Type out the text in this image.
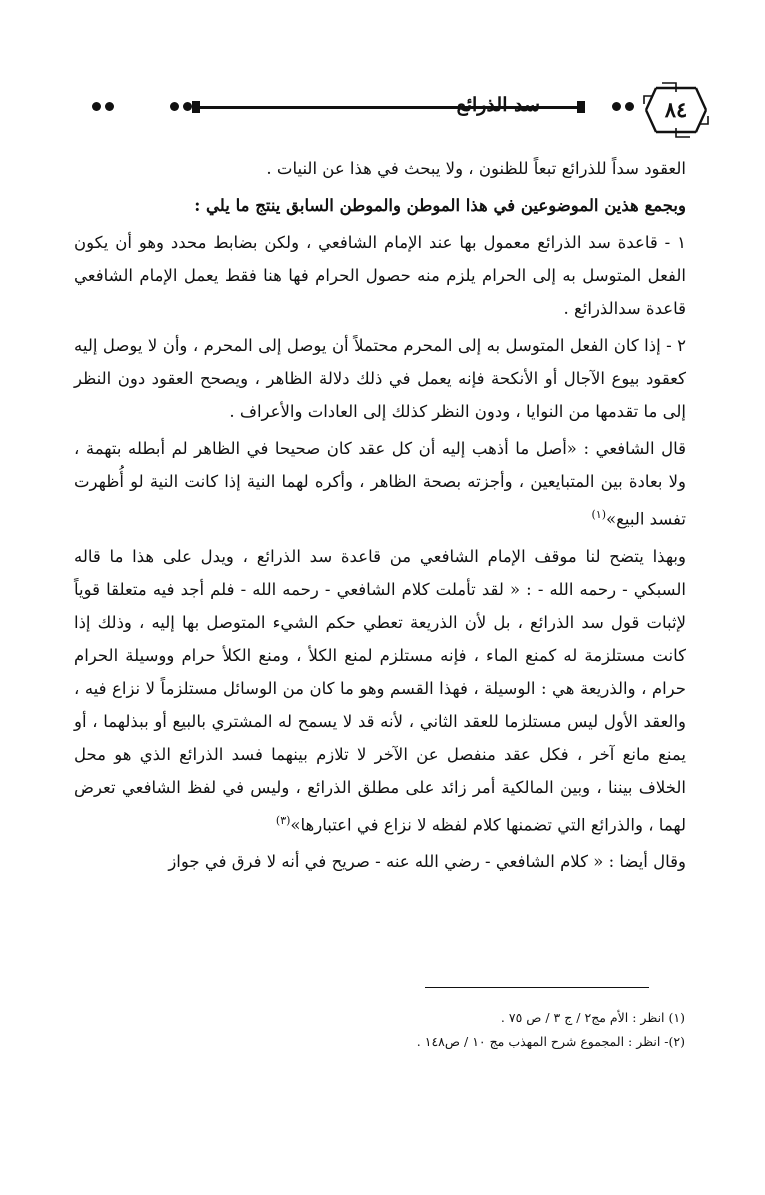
سد الذرائع	٨٤

العقود سداً للذرائع تبعاً للظنون ، ولا يبحث في هذا عن النيات .

وبجمع هذين الموضوعين في هذا الموطن والموطن السابق ينتج ما يلي :

١ - قاعدة سد الذرائع معمول بها عند الإمام الشافعي ، ولكن بضابط محدد وهو أن يكون الفعل المتوسل به إلى الحرام يلزم منه حصول الحرام فها هنا فقط يعمل الإمام الشافعي قاعدة سدالذرائع .

٢ - إذا كان الفعل المتوسل به إلى المحرم محتملاً أن يوصل إلى المحرم ، وأن لا يوصل إليه كعقود بيوع الآجال أو الأنكحة فإنه يعمل في ذلك دلالة الظاهر ، ويصحح العقود دون النظر إلى ما تقدمها من النوايا ، ودون النظر كذلك إلى العادات والأعراف .

قال الشافعي : «أصل ما أذهب إليه أن كل عقد كان صحيحا في الظاهر لم أبطله بتهمة ، ولا بعادة بين المتبايعين ، وأجزته بصحة الظاهر ، وأكره لهما النية إذا كانت النية لو أُظهرت تفسد البيع»$^{(١)}$

وبهذا يتضح لنا موقف الإمام الشافعي من قاعدة سد الذرائع ، ويدل على هذا ما قاله السبكي - رحمه الله - : « لقد تأملت كلام الشافعي - رحمه الله - فلم أجد فيه متعلقا قوياً لإثبات قول سد الذرائع ، بل لأن الذريعة تعطي حكم الشيء المتوصل بها إليه ، وذلك إذا كانت مستلزمة له كمنع الماء ، فإنه مستلزم لمنع الكلأ ، ومنع الكلأ حرام ووسيلة الحرام حرام ، والذريعة هي : الوسيلة ، فهذا القسم وهو ما كان من الوسائل مستلزماً لا نزاع فيه ، والعقد الأول ليس مستلزما للعقد الثاني ، لأنه قد لا يسمح له المشتري بالبيع أو ببذلهما ، أو يمنع مانع آخر ، فكل عقد منفصل عن الآخر لا تلازم بينهما فسد الذرائع الذي هو محل الخلاف بيننا ، وبين المالكية أمر زائد على مطلق الذرائع ، وليس في لفظ الشافعي تعرض لهما ، والذرائع التي تضمنها كلام لفظه لا نزاع في اعتبارها»$^{(٣)}$

وقال أيضا : « كلام الشافعي - رضي الله عنه - صريح في أنه لا فرق في جواز

(١) انظر : الأم مج٢ / ج ٣ / ص ٧٥ .
(٢)- انظر : المجموع شرح المهذب مج ١٠ / ص١٤٨ .
